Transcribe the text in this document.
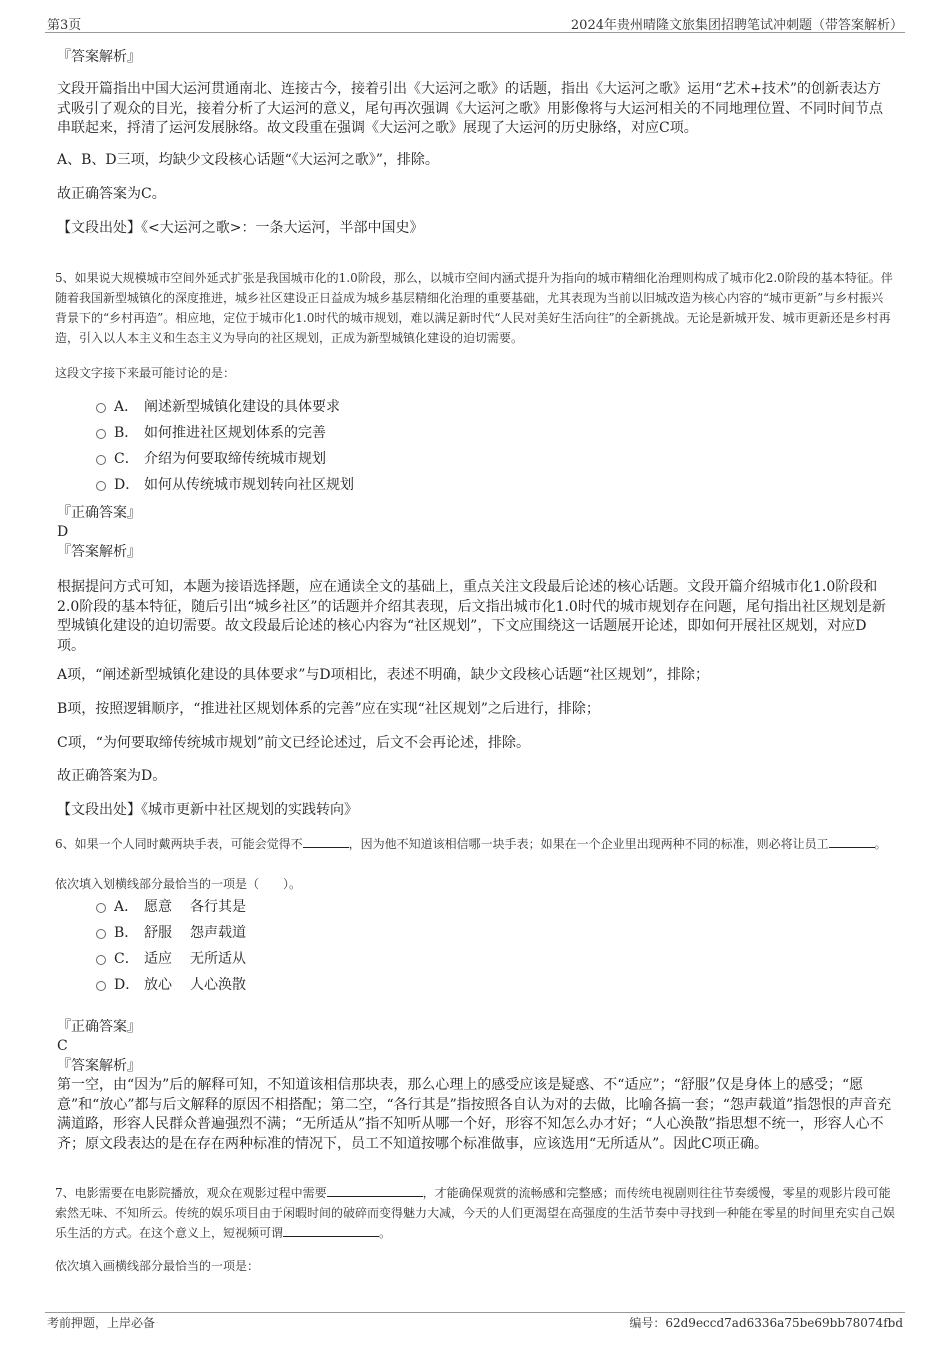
第3页	2024年贵州晴隆文旅集团招聘笔试冲刺题（带答案解析）
『答案解析』
文段开篇指出中国大运河贯通南北、连接古今，接着引出《大运河之歌》的话题，指出《大运河之歌》运用“艺术+技术”的创新表达方式吸引了观众的目光，接着分析了大运河的意义，尾句再次强调《大运河之歌》用影像将与大运河相关的不同地理位置、不同时间节点串联起来，捋清了运河发展脉络。故文段重在强调《大运河之歌》展现了大运河的历史脉络，对应C项。
A、B、D三项，均缺少文段核心话题“《大运河之歌》”，排除。
故正确答案为C。
【文段出处】《<大运河之歌>：一条大运河，半部中国史》
5、如果说大规模城市空间外延式扩张是我国城市化的1.0阶段，那么，以城市空间内涵式提升为指向的城市精细化治理则构成了城市化2.0阶段的基本特征。伴随着我国新型城镇化的深度推进，城乡社区建设正日益成为城乡基层精细化治理的重要基础，尤其表现为当前以旧城改造为核心内容的“城市更新”与乡村振兴背景下的“乡村再造”。相应地，定位于城市化1.0时代的城市规划，难以满足新时代“人民对美好生活向往”的全新挑战。无论是新城开发、城市更新还是乡村再造，引入以人本主义和生态主义为导向的社区规划，正成为新型城镇化建设的迫切需要。
这段文字接下来最可能讨论的是：
A． 阐述新型城镇化建设的具体要求
B． 如何推进社区规划体系的完善
C． 介绍为何要取缔传统城市规划
D． 如何从传统城市规划转向社区规划
『正确答案』
D
『答案解析』
根据提问方式可知，本题为接语选择题，应在通读全文的基础上，重点关注文段最后论述的核心话题。文段开篇介绍城市化1.0阶段和2.0阶段的基本特征，随后引出“城乡社区”的话题并介绍其表现，后文指出城市化1.0时代的城市规划存在问题，尾句指出社区规划是新型城镇化建设的迫切需要。故文段最后论述的核心内容为“社区规划”，下文应围绕这一话题展开论述，即如何开展社区规划，对应D项。
A项，“阐述新型城镇化建设的具体要求”与D项相比，表述不明确，缺少文段核心话题“社区规划”，排除；
B项，按照逻辑顺序，“推进社区规划体系的完善”应在实现“社区规划”之后进行，排除；
C项，“为何要取缔传统城市规划”前文已经论述过，后文不会再论述，排除。
故正确答案为D。
【文段出处】《城市更新中社区规划的实践转向》
6、如果一个人同时戴两块手表，可能会觉得不	，因为他不知道该相信哪一块手表；如果在一个企业里出现两种不同的标准，则必将让员工	。
依次填入划横线部分最恰当的一项是（　　）。
A． 愿意 各行其是
B． 舒服 怨声载道
C． 适应 无所适从
D． 放心 人心涣散
『正确答案』
C
『答案解析』
第一空，由“因为”后的解释可知，不知道该相信那块表，那么心理上的感受应该是疑惑、不“适应”；“舒服”仅是身体上的感受；“愿意”和“放心”都与后文解释的原因不相搭配；第二空，“各行其是”指按照各自认为对的去做，比喻各搞一套；“怨声载道”指怨恨的声音充满道路，形容人民群众普遍强烈不满；“无所适从”指不知听从哪一个好，形容不知怎么办才好；“人心涣散”指思想不统一，形容人心不齐；原文段表达的是在存在两种标准的情况下，员工不知道按哪个标准做事，应该选用“无所适从”。因此C项正确。
7、电影需要在电影院播放，观众在观影过程中需要	，才能确保观赏的流畅感和完整感；而传统电视剧则往往节奏缓慢，零星的观影片段可能索然无味、不知所云。传统的娱乐项目由于闲暇时间的破碎而变得魅力大减，今天的人们更渴望在高强度的生活节奏中寻找到一种能在零星的时间里充实自己娱乐生活的方式。在这个意义上，短视频可谓	。
依次填入画横线部分最恰当的一项是：
考前押题，上岸必备	编号：62d9eccd7ad6336a75be69bb78074fbd
